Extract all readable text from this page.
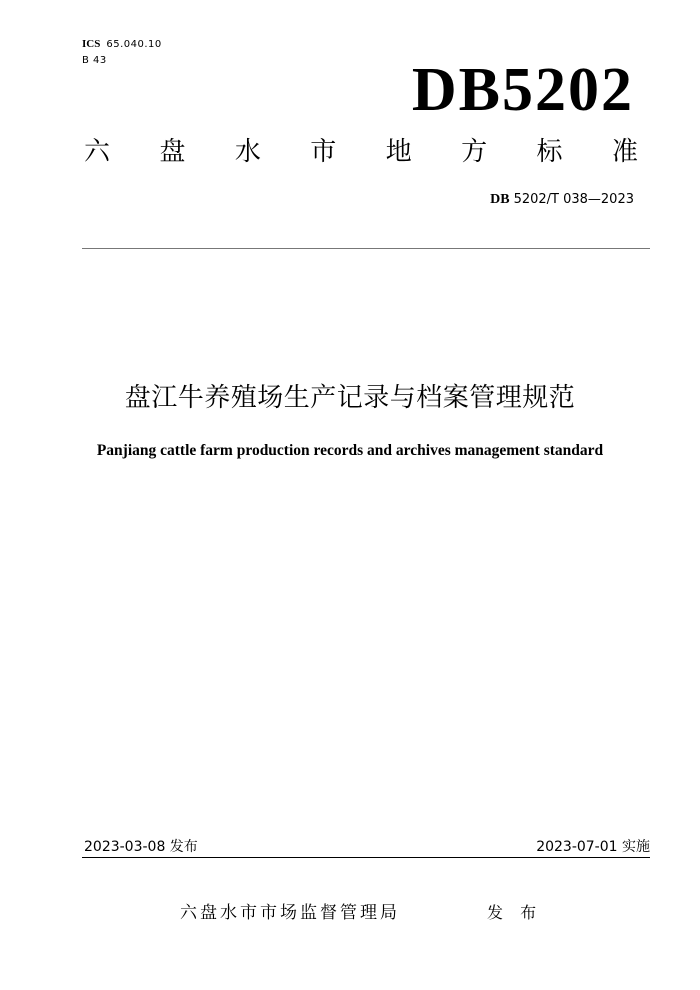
ICS 65.040.10
B 43	DB5202
六 盘 水 市 地 方 标 准
DB 5202/T 038—2023
盘江牛养殖场生产记录与档案管理规范
Panjiang cattle farm production records and archives management standard
2023-03-08 发布	2023-07-01 实施
六盘水市市场监督管理局	发 布
